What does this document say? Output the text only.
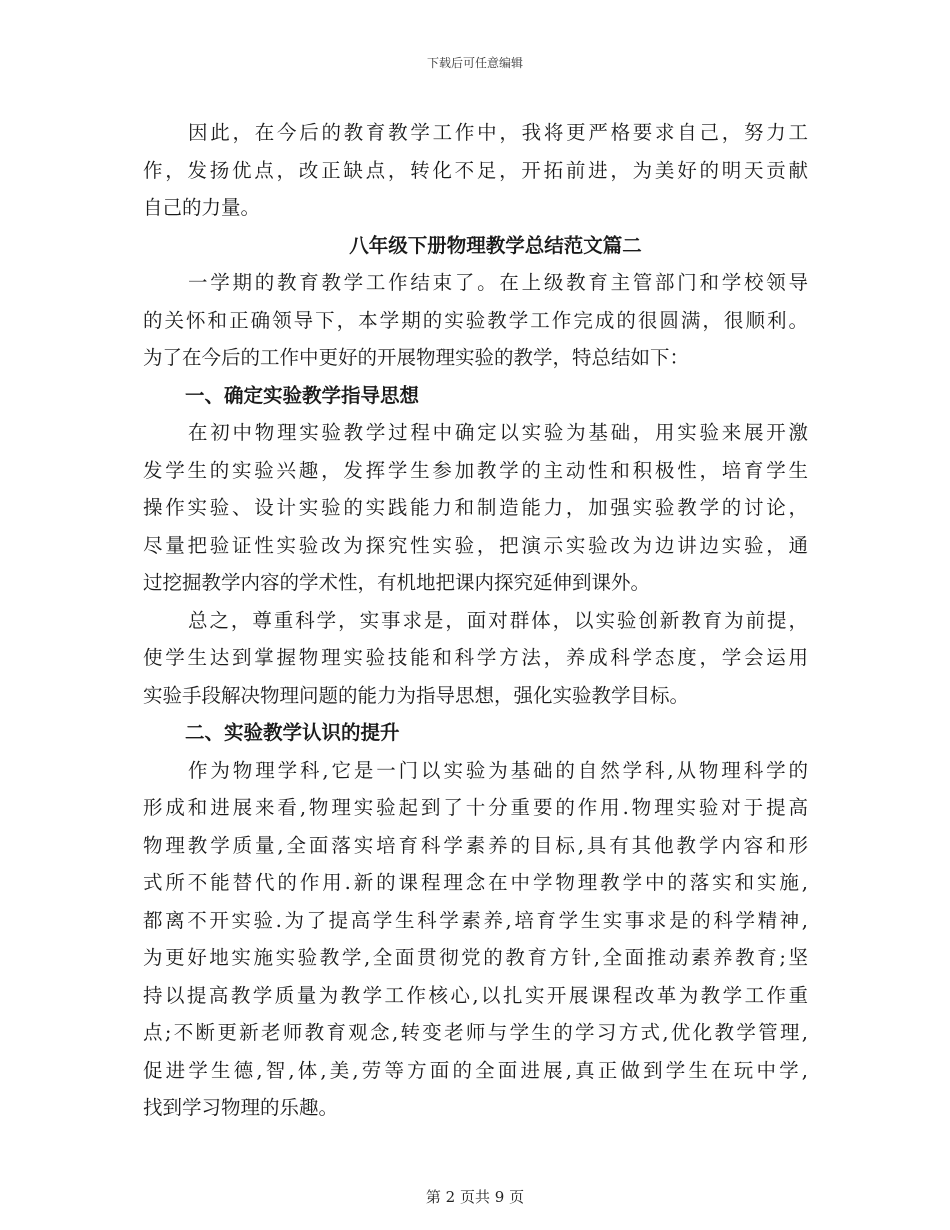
下载后可任意编辑
因此，在今后的教育教学工作中，我将更严格要求自己，努力工
作，发扬优点，改正缺点，转化不足，开拓前进，为美好的明天贡献
自己的力量。
八年级下册物理教学总结范文篇二
一学期的教育教学工作结束了。在上级教育主管部门和学校领导
的关怀和正确领导下，本学期的实验教学工作完成的很圆满，很顺利。
为了在今后的工作中更好的开展物理实验的教学，特总结如下：
一、确定实验教学指导思想
在初中物理实验教学过程中确定以实验为基础，用实验来展开激
发学生的实验兴趣，发挥学生参加教学的主动性和积极性，培育学生
操作实验、设计实验的实践能力和制造能力，加强实验教学的讨论，
尽量把验证性实验改为探究性实验，把演示实验改为边讲边实验，通
过挖掘教学内容的学术性，有机地把课内探究延伸到课外。
总之，尊重科学，实事求是，面对群体，以实验创新教育为前提，
使学生达到掌握物理实验技能和科学方法，养成科学态度，学会运用
实验手段解决物理问题的能力为指导思想，强化实验教学目标。
二、实验教学认识的提升
作为物理学科,它是一门以实验为基础的自然学科,从物理科学的
形成和进展来看,物理实验起到了十分重要的作用.物理实验对于提高
物理教学质量,全面落实培育科学素养的目标,具有其他教学内容和形
式所不能替代的作用.新的课程理念在中学物理教学中的落实和实施,
都离不开实验.为了提高学生科学素养,培育学生实事求是的科学精神,
为更好地实施实验教学,全面贯彻党的教育方针,全面推动素养教育;坚
持以提高教学质量为教学工作核心,以扎实开展课程改革为教学工作重
点;不断更新老师教育观念,转变老师与学生的学习方式,优化教学管理,
促进学生德,智,体,美,劳等方面的全面进展,真正做到学生在玩中学,
找到学习物理的乐趣。
第 2 页共 9 页
